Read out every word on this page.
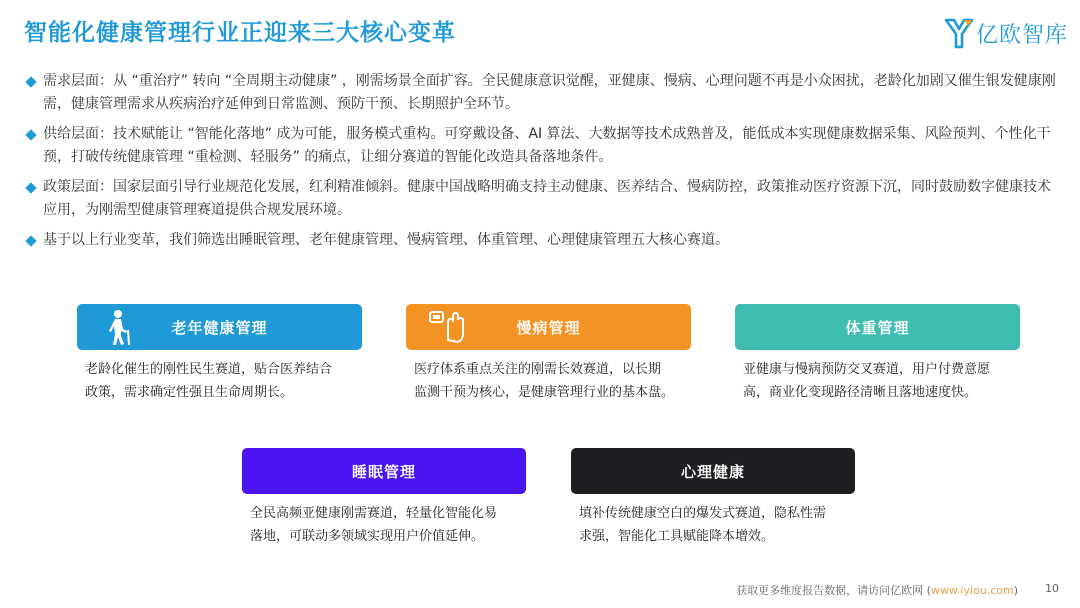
智能化健康管理行业正迎来三大核心变革	亿欧智库
需求层面：从 “重治疗” 转向 “全周期主动健康” ，刚需场景全面扩容。全民健康意识觉醒，亚健康、慢病、心理问题不再是小众困扰，老龄化加剧又催生银发健康刚需，健康管理需求从疾病治疗延伸到日常监测、预防干预、长期照护全环节。
供给层面：技术赋能让 “智能化落地” 成为可能，服务模式重构。可穿戴设备、AI 算法、大数据等技术成熟普及，能低成本实现健康数据采集、风险预判、个性化干预，打破传统健康管理 “重检测、轻服务” 的痛点，让细分赛道的智能化改造具备落地条件。
政策层面：国家层面引导行业规范化发展，红利精准倾斜。健康中国战略明确支持主动健康、医养结合、慢病防控，政策推动医疗资源下沉，同时鼓励数字健康技术应用，为刚需型健康管理赛道提供合规发展环境。
基于以上行业变革，我们筛选出睡眠管理、老年健康管理、慢病管理、体重管理、心理健康管理五大核心赛道。
老年健康管理
老龄化催生的刚性民生赛道，贴合医养结合
政策，需求确定性强且生命周期长。
慢病管理
医疗体系重点关注的刚需长效赛道，以长期
监测干预为核心，是健康管理行业的基本盘。
体重管理
亚健康与慢病预防交叉赛道，用户付费意愿
高，商业化变现路径清晰且落地速度快。
睡眠管理
全民高频亚健康刚需赛道，轻量化智能化易
落地，可联动多领域实现用户价值延伸。
心理健康
填补传统健康空白的爆发式赛道，隐私性需
求强，智能化工具赋能降本增效。
获取更多维度报告数据，请访问亿欧网 (www.iyiou.com) 10
